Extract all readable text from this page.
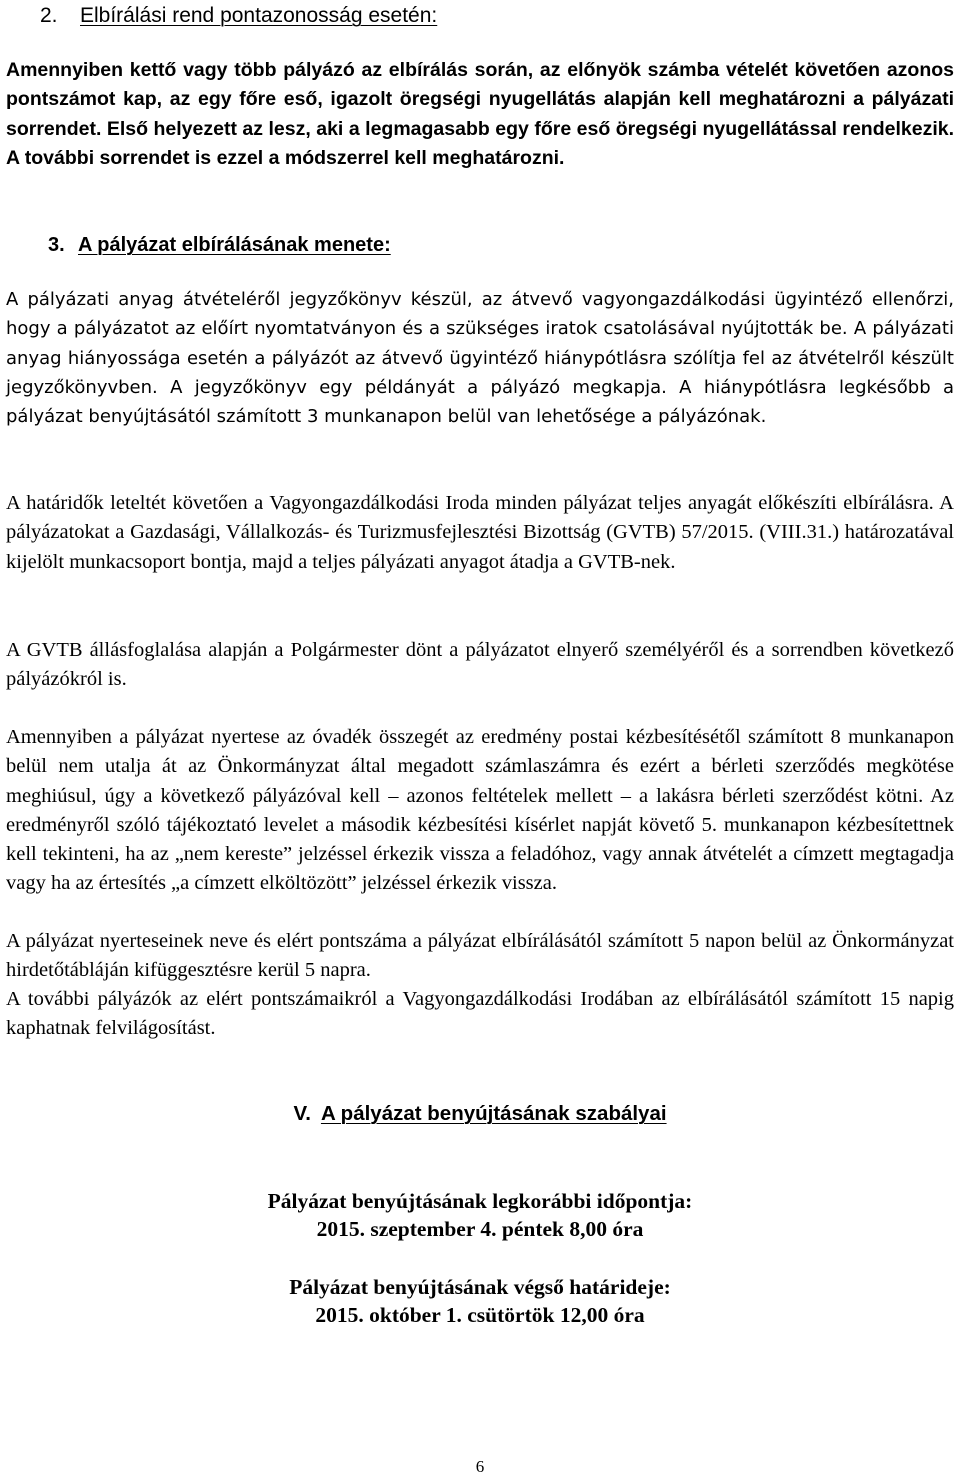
2. Elbírálási rend pontazonosság esetén:
Amennyiben kettő vagy több pályázó az elbírálás során, az előnyök számba vételét követően azonos pontszámot kap, az egy főre eső, igazolt öregségi nyugellátás alapján kell meghatározni a pályázati sorrendet. Első helyezett az lesz, aki a legmagasabb egy főre eső öregségi nyugellátással rendelkezik. A további sorrendet is ezzel a módszerrel kell meghatározni.
3. A pályázat elbírálásának menete:
A pályázati anyag átvételéről jegyzőkönyv készül, az átvevő vagyongazdálkodási ügyintéző ellenőrzi, hogy a pályázatot az előírt nyomtatványon és a szükséges iratok csatolásával nyújtották be. A pályázati anyag hiányossága esetén a pályázót az átvevő ügyintéző hiánypótlásra szólítja fel az átvételről készült jegyzőkönyvben. A jegyzőkönyv egy példányát a pályázó megkapja. A hiánypótlásra legkésőbb a pályázat benyújtásától számított 3 munkanapon belül van lehetősége a pályázónak.
A határidők leteltét követően a Vagyongazdálkodási Iroda minden pályázat teljes anyagát előkészíti elbírálásra. A pályázatokat a Gazdasági, Vállalkozás- és Turizmusfejlesztési Bizottság (GVTB) 57/2015. (VIII.31.) határozatával kijelölt munkacsoport bontja, majd a teljes pályázati anyagot átadja a GVTB-nek.
A GVTB állásfoglalása alapján a Polgármester dönt a pályázatot elnyerő személyéről és a sorrendben következő pályázókról is.
Amennyiben a pályázat nyertese az óvadék összegét az eredmény postai kézbesítésétől számított 8 munkanapon belül nem utalja át az Önkormányzat által megadott számlaszámra és ezért a bérleti szerződés megkötése meghiúsul, úgy a következő pályázóval kell – azonos feltételek mellett – a lakásra bérleti szerződést kötni. Az eredményről szóló tájékoztató levelet a második kézbesítési kísérlet napját követő 5. munkanapon kézbesítettnek kell tekinteni, ha az „nem kereste” jelzéssel érkezik vissza a feladóhoz, vagy annak átvételét a címzett megtagadja vagy ha az értesítés „a címzett elköltözött” jelzéssel érkezik vissza.
A pályázat nyerteseinek neve és elért pontszáma a pályázat elbírálásától számított 5 napon belül az Önkormányzat hirdetőtábláján kifüggesztésre kerül 5 napra.
A további pályázók az elért pontszámaikról a Vagyongazdálkodási Irodában az elbírálásától számított 15 napig kaphatnak felvilágosítást.
V. A pályázat benyújtásának szabályai
Pályázat benyújtásának legkorábbi időpontja:
2015. szeptember 4. péntek 8,00 óra
Pályázat benyújtásának végső határideje:
2015. október 1. csütörtök 12,00 óra
6
